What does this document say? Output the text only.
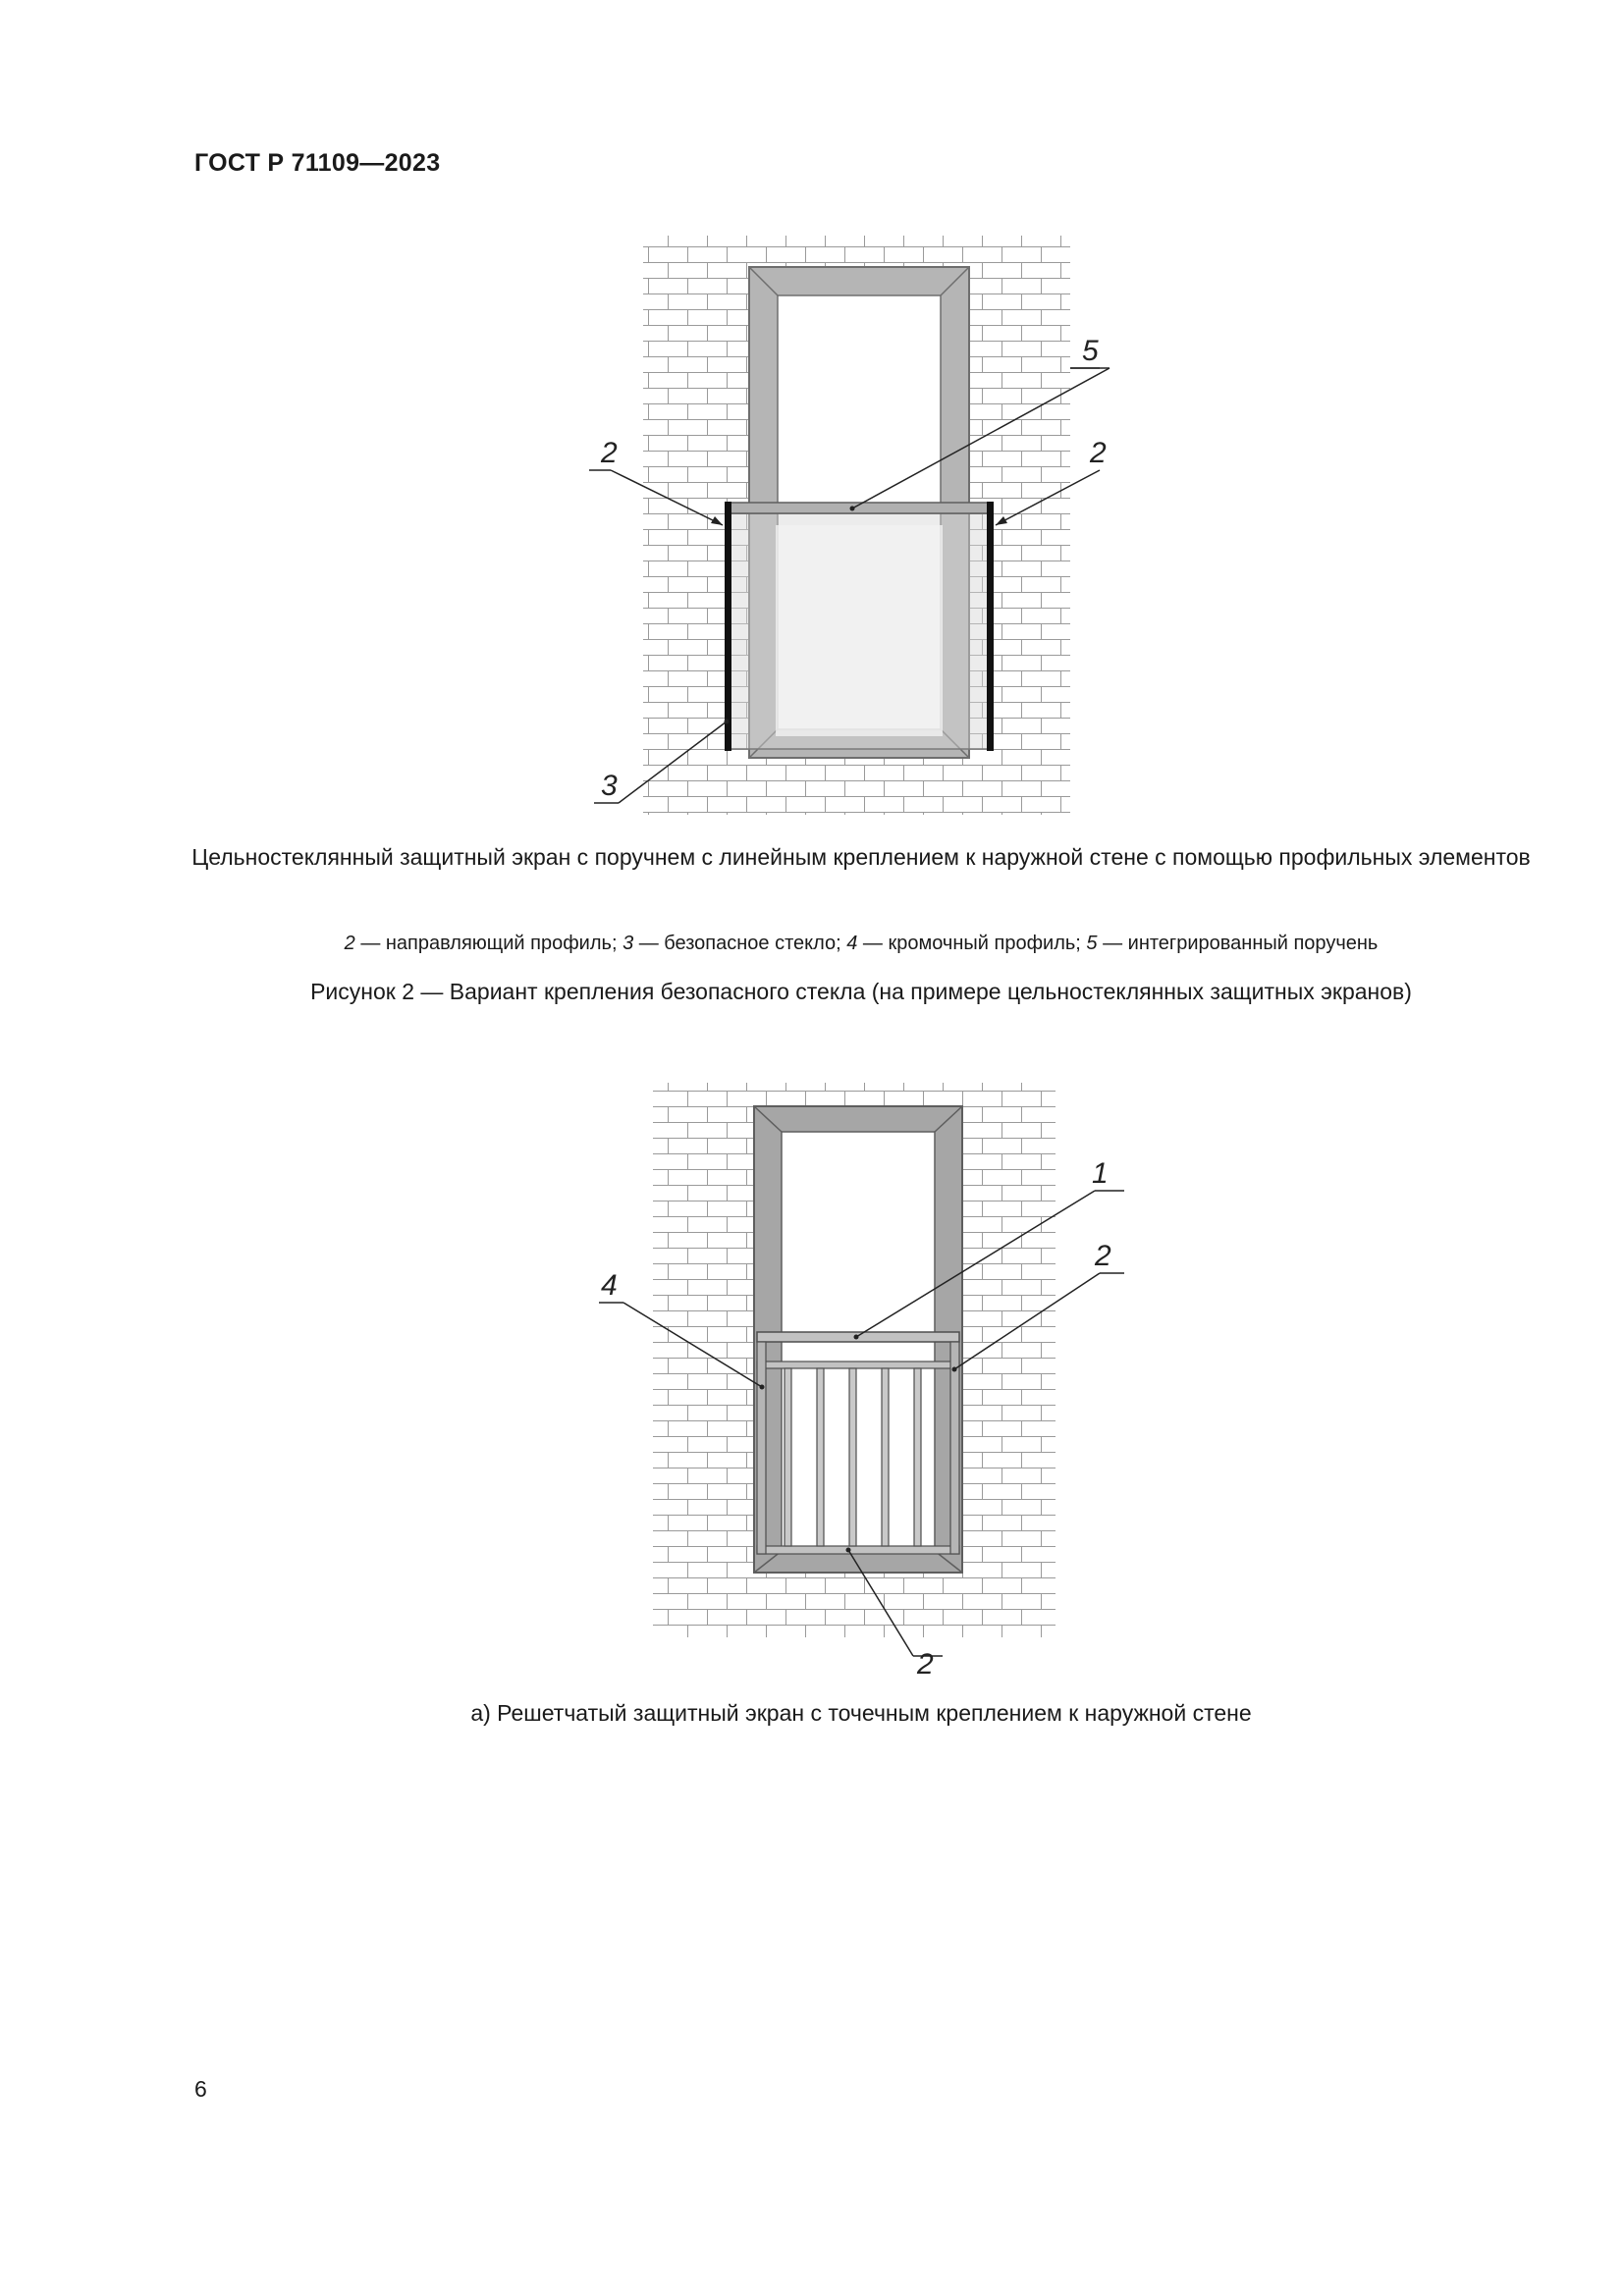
ГОСТ Р 71109—2023
5
2	2
3
Цельностеклянный защитный экран с поручнем с линейным креплением к наружной стене с помощью профильных элементов
2 — направляющий профиль; 3 — безопасное стекло; 4 — кромочный профиль; 5 — интегрированный поручень
Рисунок 2 — Вариант крепления безопасного стекла (на примере цельностеклянных защитных экранов)
1
4
2
2
а) Решетчатый защитный экран с точечным креплением к наружной стене
6
